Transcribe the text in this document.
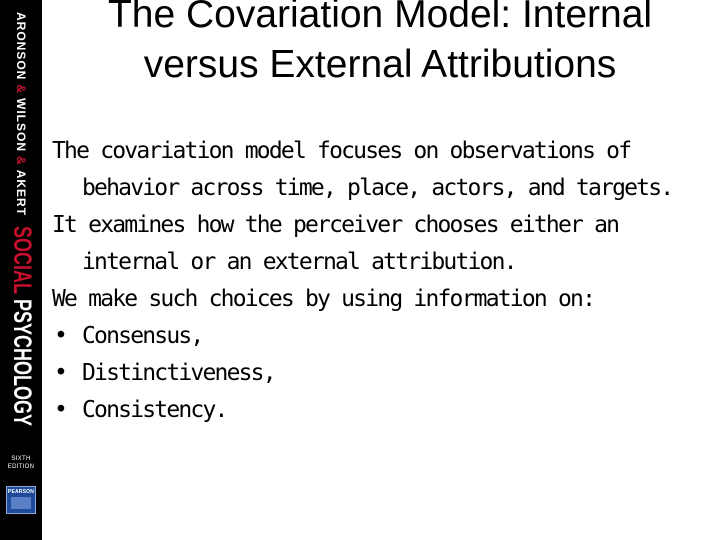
ARONSON&WILSON&AKERT
SOCIAL PSYCHOLOGY
SIXTH
EDITION
PEARSON
The Covariation Model: Internal versus External Attributions

The covariation model focuses on observations of behavior across time, place, actors, and targets.

It examines how the perceiver chooses either an internal or an external attribution.

We make such choices by using information on:

• Consensus,

• Distinctiveness,

• Consistency.
